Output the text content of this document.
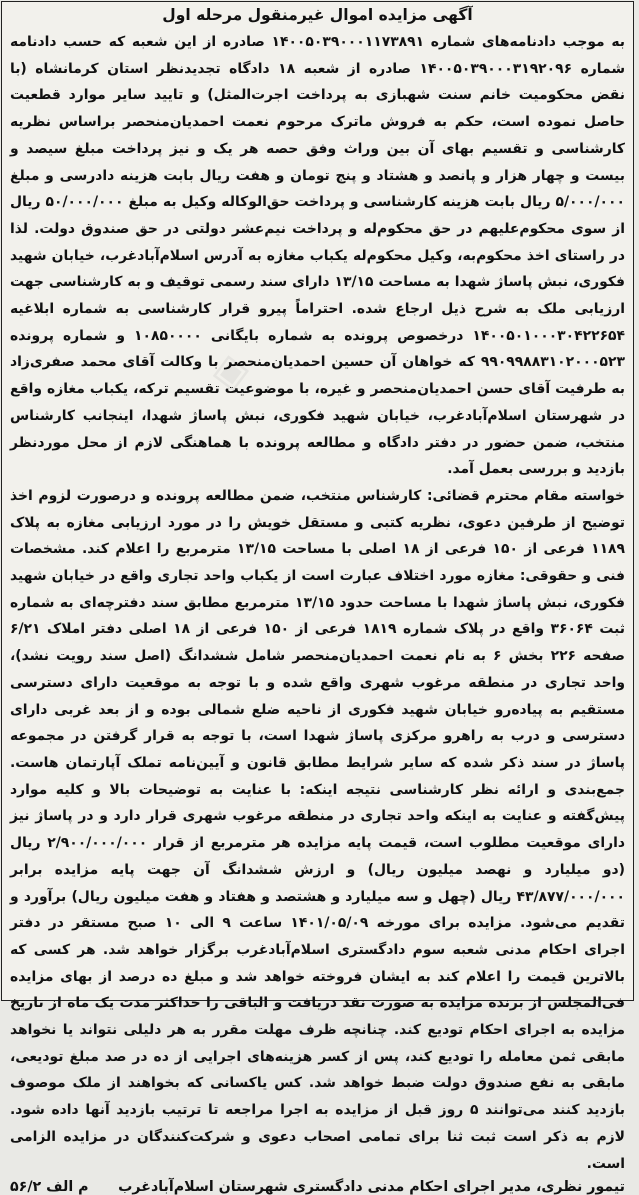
◈
آگهی مزایده اموال غیرمنقول مرحله اول

به موجب دادنامه‌های شماره ۱۴۰۰۵۰۳۹۰۰۰۱۱۷۳۸۹۱ صادره از این شعبه که حسب دادنامه شماره ۱۴۰۰۵۰۳۹۰۰۰۳۱۹۲۰۹۶ صادره از شعبه ۱۸ دادگاه تجدیدنظر استان کرمانشاه (با نقض محکومیت خانم سنت شهبازی به پرداخت اجرت‌المثل) و تایید سایر موارد قطعیت حاصل نموده است، حکم به فروش ماترک مرحوم نعمت احمدیان‌منحصر براساس نظریه کارشناسی و تقسیم بهای آن بین وراث وفق حصه هر یک و نیز پرداخت مبلغ سیصد و بیست و چهار هزار و پانصد و هشتاد و پنج تومان و هفت ریال بابت هزینه دادرسی و مبلغ ۵/۰۰۰/۰۰۰ ریال بابت هزینه کارشناسی و پرداخت حق‌الوکاله وکیل به مبلغ ۵۰/۰۰۰/۰۰۰ ریال از سوی محکوم‌علیهم در حق محکوم‌له و پرداخت نیم‌عشر دولتی در حق صندوق دولت. لذا در راستای اخذ محکوم‌به، وکیل محکوم‌له یکباب مغازه به آدرس اسلام‌آبادغرب، خیابان شهید فکوری، نبش پاساژ شهدا به مساحت ۱۳/۱۵ دارای سند رسمی توقیف و به کارشناسی جهت ارزیابی ملک به شرح ذیل ارجاع شده. احتراماً پیرو قرار کارشناسی به شماره ابلاغیه ۱۴۰۰۵۰۱۰۰۰۳۰۴۲۲۶۵۴ درخصوص پرونده به شماره بایگانی ۱۰۸۵۰۰۰۰ و شماره پرونده ۹۹۰۹۹۸۸۳۱۰۲۰۰۰۵۲۳ که خواهان آن حسین احمدیان‌منحصر با وکالت آقای محمد صفری‌زاد به طرفیت آقای حسن احمدیان‌منحصر و غیره، با موضوعیت تقسیم ترکه، یکباب مغازه واقع در شهرستان اسلام‌آبادغرب، خیابان شهید فکوری، نبش پاساژ شهدا، اینجانب کارشناس منتخب، ضمن حضور در دفتر دادگاه و مطالعه پرونده با هماهنگی لازم از محل موردنظر بازدید و بررسی بعمل آمد.

خواسته مقام محترم قضائی: کارشناس منتخب، ضمن مطالعه پرونده و درصورت لزوم اخذ توضیح از طرفین دعوی، نظریه کتبی و مستقل خویش را در مورد ارزیابی مغازه به پلاک ۱۱۸۹ فرعی از ۱۵۰ فرعی از ۱۸ اصلی با مساحت ۱۳/۱۵ مترمربع را اعلام کند. مشخصات فنی و حقوقی: مغازه مورد اختلاف عبارت است از یکباب واحد تجاری واقع در خیابان شهید فکوری، نبش پاساژ شهدا با مساحت حدود ۱۳/۱۵ مترمربع مطابق سند دفترچه‌ای به شماره ثبت ۳۶۰۶۴ واقع در پلاک شماره ۱۸۱۹ فرعی از ۱۵۰ فرعی از ۱۸ اصلی دفتر املاک ۶/۲۱ صفحه ۲۲۶ بخش ۶ به نام نعمت احمدیان‌منحصر شامل ششدانگ (اصل سند رویت نشد)، واحد تجاری در منطقه مرغوب شهری واقع شده و با توجه به موقعیت دارای دسترسی مستقیم به پیاده‌رو خیابان شهید فکوری از ناحیه ضلع شمالی بوده و از بعد غربی دارای دسترسی و درب به راهرو مرکزی پاساژ شهدا است، با توجه به قرار گرفتن در مجموعه پاساژ در سند ذکر شده که سایر شرایط مطابق قانون و آیین‌نامه تملک آپارتمان هاست. جمع‌بندی و ارائه نظر کارشناسی نتیجه اینکه: با عنایت به توضیحات بالا و کلیه موارد پیش‌گفته و عنایت به اینکه واحد تجاری در منطقه مرغوب شهری قرار دارد و در پاساژ نیز دارای موقعیت مطلوب است، قیمت پایه مزایده هر مترمربع از قرار ۲/۹۰۰/۰۰۰/۰۰۰ ریال (دو میلیارد و نهصد میلیون ریال) و ارزش ششدانگ آن جهت پایه مزایده برابر ۴۳/۸۷۷/۰۰۰/۰۰۰ ریال (چهل و سه میلیارد و هشتصد و هفتاد و هفت میلیون ریال) برآورد و تقدیم می‌شود. مزایده برای مورخه ۱۴۰۱/۰۵/۰۹ ساعت ۹ الی ۱۰ صبح مستقر در دفتر اجرای احکام مدنی شعبه سوم دادگستری اسلام‌آبادغرب برگزار خواهد شد. هر کسی که بالاترین قیمت را اعلام کند به ایشان فروخته خواهد شد و مبلغ ده درصد از بهای مزایده فی‌المجلس از برنده مزایده به صورت نقد دریافت و الباقی را حداکثر مدت یک ماه از تاریخ مزایده به اجرای احکام تودیع کند. چنانچه ظرف مهلت مقرر به هر دلیلی نتواند یا نخواهد مابقی ثمن معامله را تودیع کند، پس از کسر هزینه‌های اجرایی از ده در صد مبلغ تودیعی، مابقی به نفع صندوق دولت ضبط خواهد شد. کس یاکسانی که بخواهند از ملک موصوف بازدید کنند می‌توانند ۵ روز قبل از مزایده به اجرا مراجعه تا ترتیب بازدید آنها داده شود. لازم به ذکر است ثبت ثنا برای تمامی اصحاب دعوی و شرکت‌کنندگان در مزایده الزامی است.

تیمور نظری، مدیر اجرای احکام مدنی دادگستری شهرستان اسلام‌آبادغرب
م الف ۵۶/۲
